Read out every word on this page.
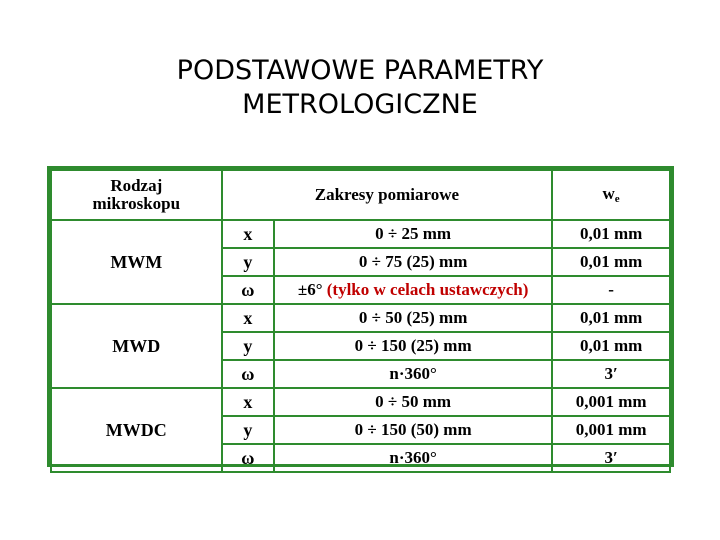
PODSTAWOWE PARAMETRY
METROLOGICZNE
Rodzaj
mikroskopu	Zakresy pomiarowe		$w_e$
MWM	x	0 ÷ 25 mm	0,01 mm
	y	0 ÷ 75 (25) mm	0,01 mm
	ω	±6° (tylko w celach ustawczych)	-
MWD	x	0 ÷ 50 (25) mm	0,01 mm
	y	0 ÷ 150 (25) mm	0,01 mm
	ω	n·360°	3′
MWDC	x	0 ÷ 50 mm	0,001 mm
	y	0 ÷ 150 (50) mm	0,001 mm
	ω	n·360°	3′
